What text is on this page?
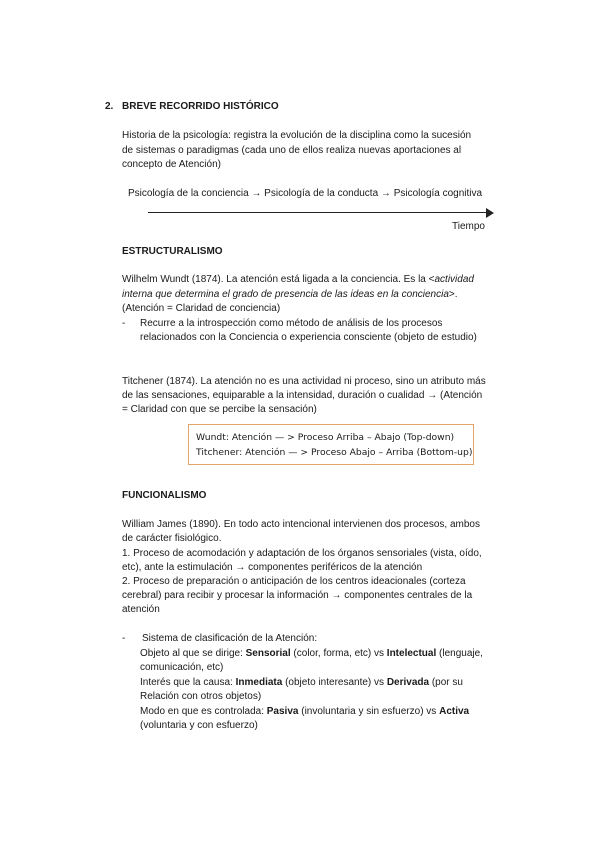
2. BREVE RECORRIDO HISTÓRICO
Historia de la psicología: registra la evolución de la disciplina como la sucesión
de sistemas o paradigmas (cada uno de ellos realiza nuevas aportaciones al
concepto de Atención)
Psicología de la conciencia → Psicología de la conducta → Psicología cognitiva
Tiempo
ESTRUCTURALISMO
Wilhelm Wundt (1874). La atención está ligada a la conciencia. Es la <actividad
interna que determina el grado de presencia de las ideas en la conciencia>.
(Atención = Claridad de conciencia)
- Recurre a la introspección como método de análisis de los procesos
relacionados con la Conciencia o experiencia consciente (objeto de estudio)
Titchener (1874). La atención no es una actividad ni proceso, sino un atributo más
de las sensaciones, equiparable a la intensidad, duración o cualidad → (Atención
= Claridad con que se percibe la sensación)
Wundt: Atención — > Proceso Arriba – Abajo (Top-down)
Titchener: Atención — > Proceso Abajo – Arriba (Bottom-up)
FUNCIONALISMO
William James (1890). En todo acto intencional intervienen dos procesos, ambos
de carácter fisiológico.
1. Proceso de acomodación y adaptación de los órganos sensoriales (vista, oído,
etc), ante la estimulación → componentes periféricos de la atención
2. Proceso de preparación o anticipación de los centros ideacionales (corteza
cerebral) para recibir y procesar la información → componentes centrales de la
atención
- Sistema de clasificación de la Atención:
Objeto al que se dirige: Sensorial (color, forma, etc) vs Intelectual (lenguaje,
comunicación, etc)
Interés que la causa: Inmediata (objeto interesante) vs Derivada (por su
Relación con otros objetos)
Modo en que es controlada: Pasiva (involuntaria y sin esfuerzo) vs Activa
(voluntaria y con esfuerzo)
